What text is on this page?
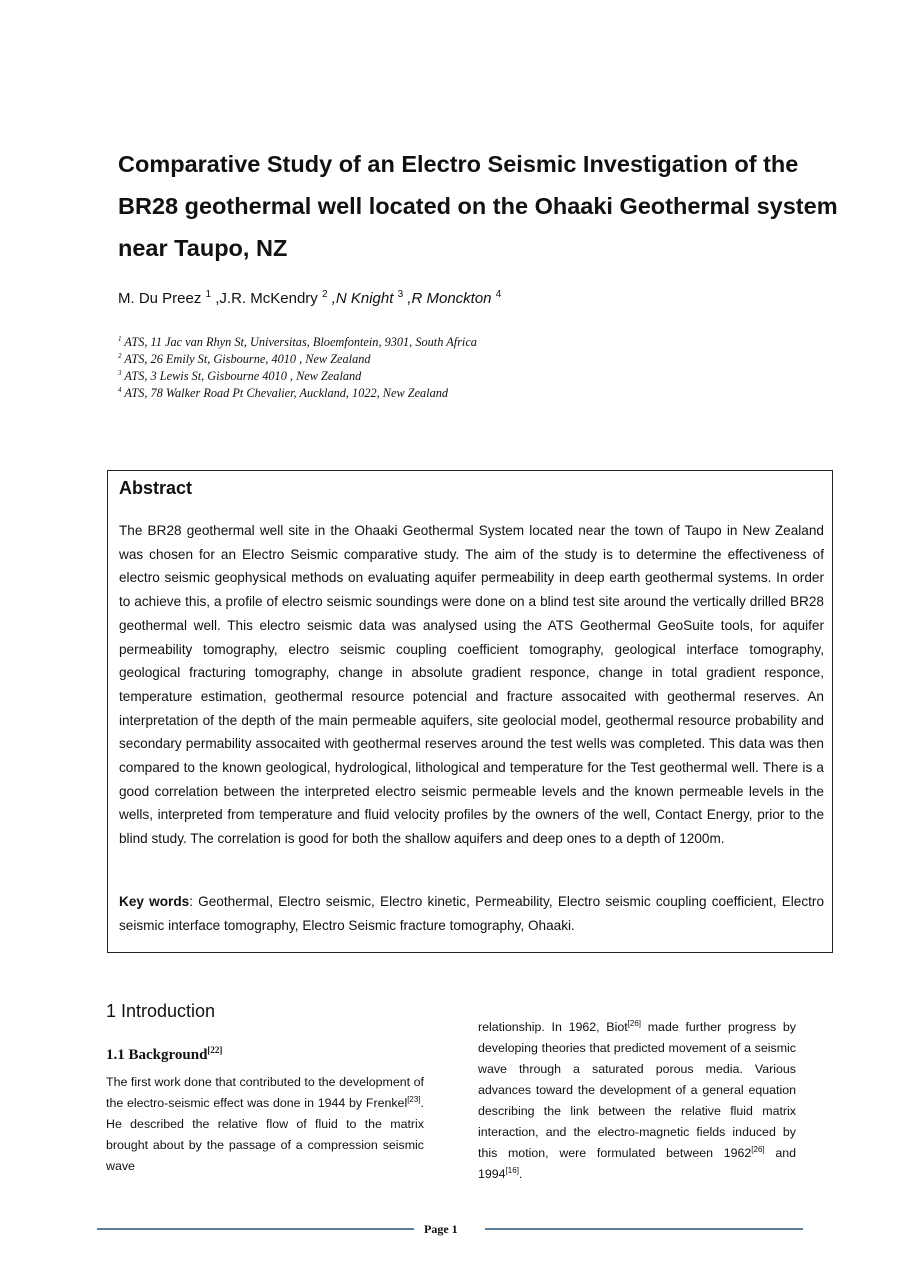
Comparative Study of an Electro Seismic Investigation of the BR28 geothermal well located on the Ohaaki Geothermal system near Taupo, NZ
M. Du Preez $^1$ ,J.R. McKendry $^2$ ,N Knight $^3$ ,R Monckton $^4$
$^1$ ATS, 11 Jac van Rhyn St, Universitas, Bloemfontein, 9301, South Africa
$^2$ ATS, 26 Emily St, Gisbourne, 4010 , New Zealand
$^3$ ATS, 3 Lewis St, Gisbourne 4010 , New Zealand
$^4$ ATS, 78 Walker Road Pt Chevalier, Auckland, 1022, New Zealand
Abstract
The BR28 geothermal well site in the Ohaaki Geothermal System located near the town of Taupo in New Zealand was chosen for an Electro Seismic comparative study. The aim of the study is to determine the effectiveness of electro seismic geophysical methods on evaluating aquifer permeability in deep earth geothermal systems. In order to achieve this, a profile of electro seismic soundings were done on a blind test site around the vertically drilled BR28 geothermal well. This electro seismic data was analysed using the ATS Geothermal GeoSuite tools, for aquifer permeability tomography, electro seismic coupling coefficient tomography, geological interface tomography, geological fracturing tomography, change in absolute gradient responce, change in total gradient responce, temperature estimation, geothermal resource potencial and fracture assocaited with geothermal reserves. An interpretation of the depth of the main permeable aquifers, site geolocial model, geothermal resource probability and secondary permability assocaited with geothermal reserves around the test wells was completed. This data was then compared to the known geological, hydrological, lithological and temperature for the Test geothermal well. There is a good correlation between the interpreted electro seismic permeable levels and the known permeable levels in the wells, interpreted from temperature and fluid velocity profiles by the owners of the well, Contact Energy, prior to the blind study. The correlation is good for both the shallow aquifers and deep ones to a depth of 1200m.
Key words: Geothermal, Electro seismic, Electro kinetic, Permeability, Electro seismic coupling coefficient, Electro seismic interface tomography, Electro Seismic fracture tomography, Ohaaki.
1 Introduction
1.1 Background[22]
The first work done that contributed to the development of the electro-seismic effect was done in 1944 by Frenkel[23]. He described the relative flow of fluid to the matrix brought about by the passage of a compression seismic wave
relationship. In 1962, Biot[26] made further progress by developing theories that predicted movement of a seismic wave through a saturated porous media. Various advances toward the development of a general equation describing the link between the relative fluid matrix interaction, and the electro-magnetic fields induced by this motion, were formulated between 1962[26] and 1994[16].
Page 1
